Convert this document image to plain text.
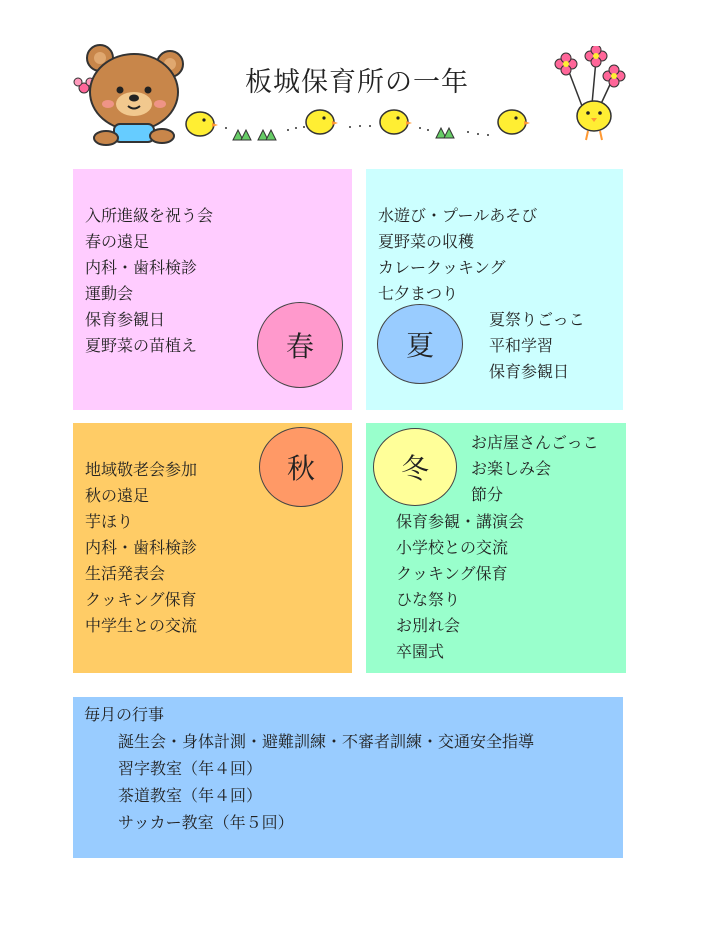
板城保育所の一年
入所進級を祝う会
春の遠足
内科・歯科検診
運動会
保育参観日
夏野菜の苗植え	春
水遊び・プールあそび
夏野菜の収穫
カレークッキング
七夕まつり
夏祭りごっこ
平和学習
保育参観日
夏
地域敬老会参加
秋の遠足
芋ほり
内科・歯科検診
生活発表会
クッキング保育
中学生との交流
秋
お店屋さんごっこ
お楽しみ会
節分
保育参観・講演会
小学校との交流
クッキング保育
ひな祭り
お別れ会
卒園式
冬
毎月の行事
誕生会・身体計測・避難訓練・不審者訓練・交通安全指導
習字教室（年４回）
茶道教室（年４回）
サッカー教室（年５回）
